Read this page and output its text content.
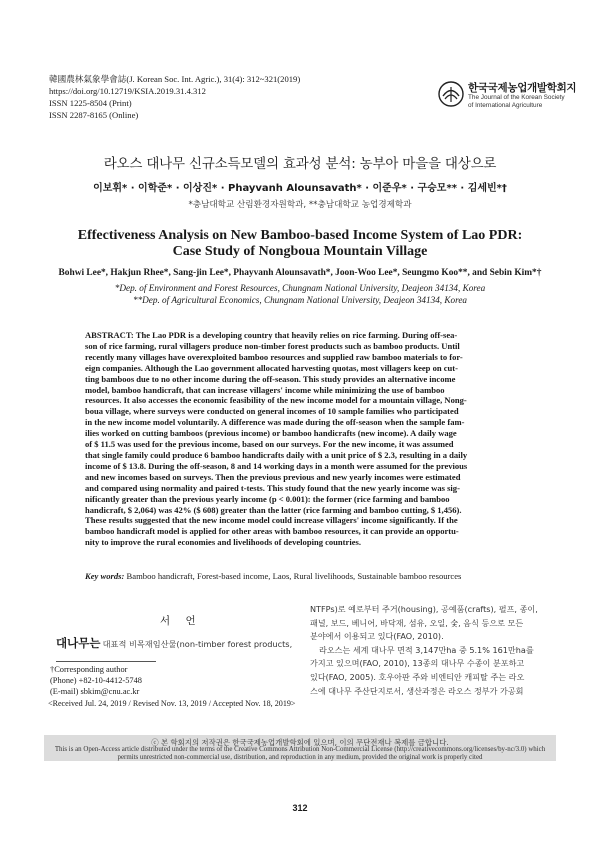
韓國農林氣象學會誌(J. Korean Soc. Int. Agric.), 31(4): 312~321(2019)
https://doi.org/10.12719/KSIA.2019.31.4.312
ISSN 1225-8504 (Print)
ISSN 2287-8165 (Online)
한국국제농업개발학회지
The Journal of the Korean Society
of International Agriculture
라오스 대나무 신규소득모델의 효과성 분석: 농부아 마을을 대상으로
이보휘* · 이학준* · 이상진* · Phayvanh Alounsavath* · 이준우* · 구승모** · 김세빈*†
*충남대학교 산림환경자원학과, **충남대학교 농업경제학과
Effectiveness Analysis on New Bamboo-based Income System of Lao PDR:
Case Study of Nongboua Mountain Village
Bohwi Lee*, Hakjun Rhee*, Sang-jin Lee*, Phayvanh Alounsavath*, Joon-Woo Lee*, Seungmo Koo**, and Sebin Kim*†
*Dep. of Environment and Forest Resources, Chungnam National University, Deajeon 34134, Korea
**Dep. of Agricultural Economics, Chungnam National University, Deajeon 34134, Korea

ABSTRACT: The Lao PDR is a developing country that heavily relies on rice farming. During off-sea-

son of rice farming, rural villagers produce non-timber forest products such as bamboo products. Until

recently many villages have overexploited bamboo resources and supplied raw bamboo materials to for-

eign companies. Although the Lao government allocated harvesting quotas, most villagers keep on cut-

ting bamboos due to no other income during the off-season. This study provides an alternative income

model, bamboo handicraft, that can increase villagers' income while minimizing the use of bamboo

resources. It also accesses the economic feasibility of the new income model for a mountain village, Nong-

boua village, where surveys were conducted on general incomes of 10 sample families who participated

in the new income model voluntarily. A difference was made during the off-season when the sample fam-

ilies worked on cutting bamboos (previous income) or bamboo handicrafts (new income). A daily wage

of $ 11.5 was used for the previous income, based on our surveys. For the new income, it was assumed

that single family could produce 6 bamboo handicrafts daily with a unit price of $ 2.3, resulting in a daily

income of $ 13.8. During the off-season, 8 and 14 working days in a month were assumed for the previous

and new incomes based on surveys. Then the previous previous and new yearly incomes were estimated

and compared using normality and paired t-tests. This study found that the new yearly income was sig-

nificantly greater than the previous yearly income (p < 0.001): the former (rice farming and bamboo

handicraft, $ 2,064) was 42% ($ 608) greater than the latter (rice farming and bamboo cutting, $ 1,456).

These results suggested that the new income model could increase villagers' income significantly. If the

bamboo handicraft model is applied for other areas with bamboo resources, it can provide an opportu-

nity to improve the rural economies and livelihoods of developing countries.

Key words: Bamboo handicraft, Forest-based income, Laos, Rural livelihoods, Sustainable bamboo resources
서 언
대나무는 대표적 비목재임산물(non-timber forest products,
†Corresponding author
(Phone) +82-10-4412-5748
(E-mail) sbkim@cnu.ac.kr
<Received Jul. 24, 2019 / Revised Nov. 13, 2019 / Accepted Nov. 18, 2019>
NTFPs)로 예로부터 주거(housing), 공예품(crafts), 펄프, 종이,
패널, 보드, 베니어, 바닥재, 섬유, 오일, 숯, 음식 등으로 모든
분야에서 이용되고 있다(FAO, 2010).
라오스는 세계 대나무 면적 3,147만ha 중 5.1% 161만ha를
가지고 있으며(FAO, 2010), 13종의 대나무 수종이 분포하고
있다(FAO, 2005). 호우아판 주와 비엔티안 캐피탈 주는 라오
스에 대나무 주산단지로서, 생산과정은 라오스 정부가 가공회
ⓒ 본 학회지의 저작권은 한국국제농업개발학회에 있으며, 이의 무단전재나 복제를 금합니다.
This is an Open-Access article distributed under the terms of the Creative Commons Attribution Non-Commercial License (http://creativecommons.org/licenses/by-nc/3.0) which
permits unrestricted non-commercial use, distribution, and reproduction in any medium, provided the original work is properly cited
312
